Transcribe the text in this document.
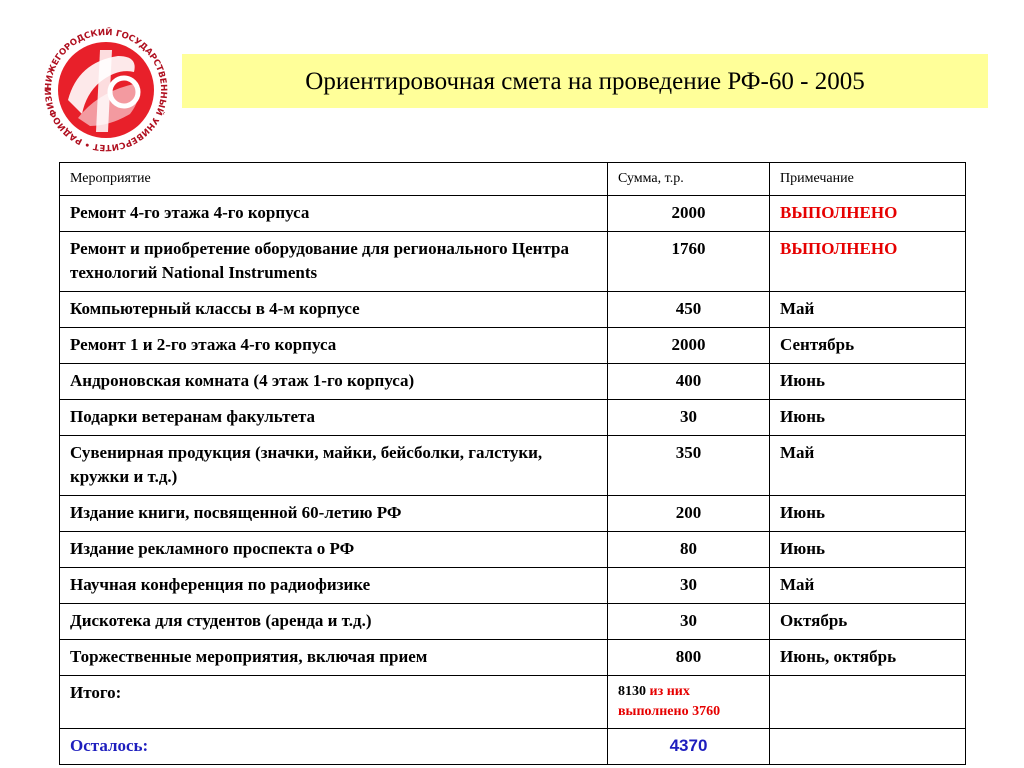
НИЖЕГОРОДСКИЙ ГОСУДАРСТВЕННЫЙ УНИВЕРСИТЕТ • РАДИОФИЗИ	Ориентировочная смета на проведение РФ-60 - 2005
Мероприятие	Сумма, т.р.	Примечание
Ремонт 4-го этажа 4-го корпуса	2000	ВЫПОЛНЕНО
Ремонт и приобретение оборудование для регионального Центра технологий National Instruments	1760	ВЫПОЛНЕНО
Компьютерный классы в 4-м корпусе	450	Май
Ремонт 1 и 2-го этажа 4-го корпуса	2000	Сентябрь
Андроновская комната (4 этаж 1-го корпуса)	400	Июнь
Подарки ветеранам факультета	30	Июнь
Сувенирная продукция (значки, майки, бейсболки, галстуки, кружки и т.д.)	350	Май
Издание книги, посвященной 60-летию РФ	200	Июнь
Издание рекламного проспекта о РФ	80	Июнь
Научная конференция по радиофизике	30	Май
Дискотека для студентов (аренда и т.д.)	30	Октябрь
Торжественные мероприятия, включая прием	800	Июнь, октябрь
Итого:	8130 из них выполнено 3760	
Осталось:	4370	
